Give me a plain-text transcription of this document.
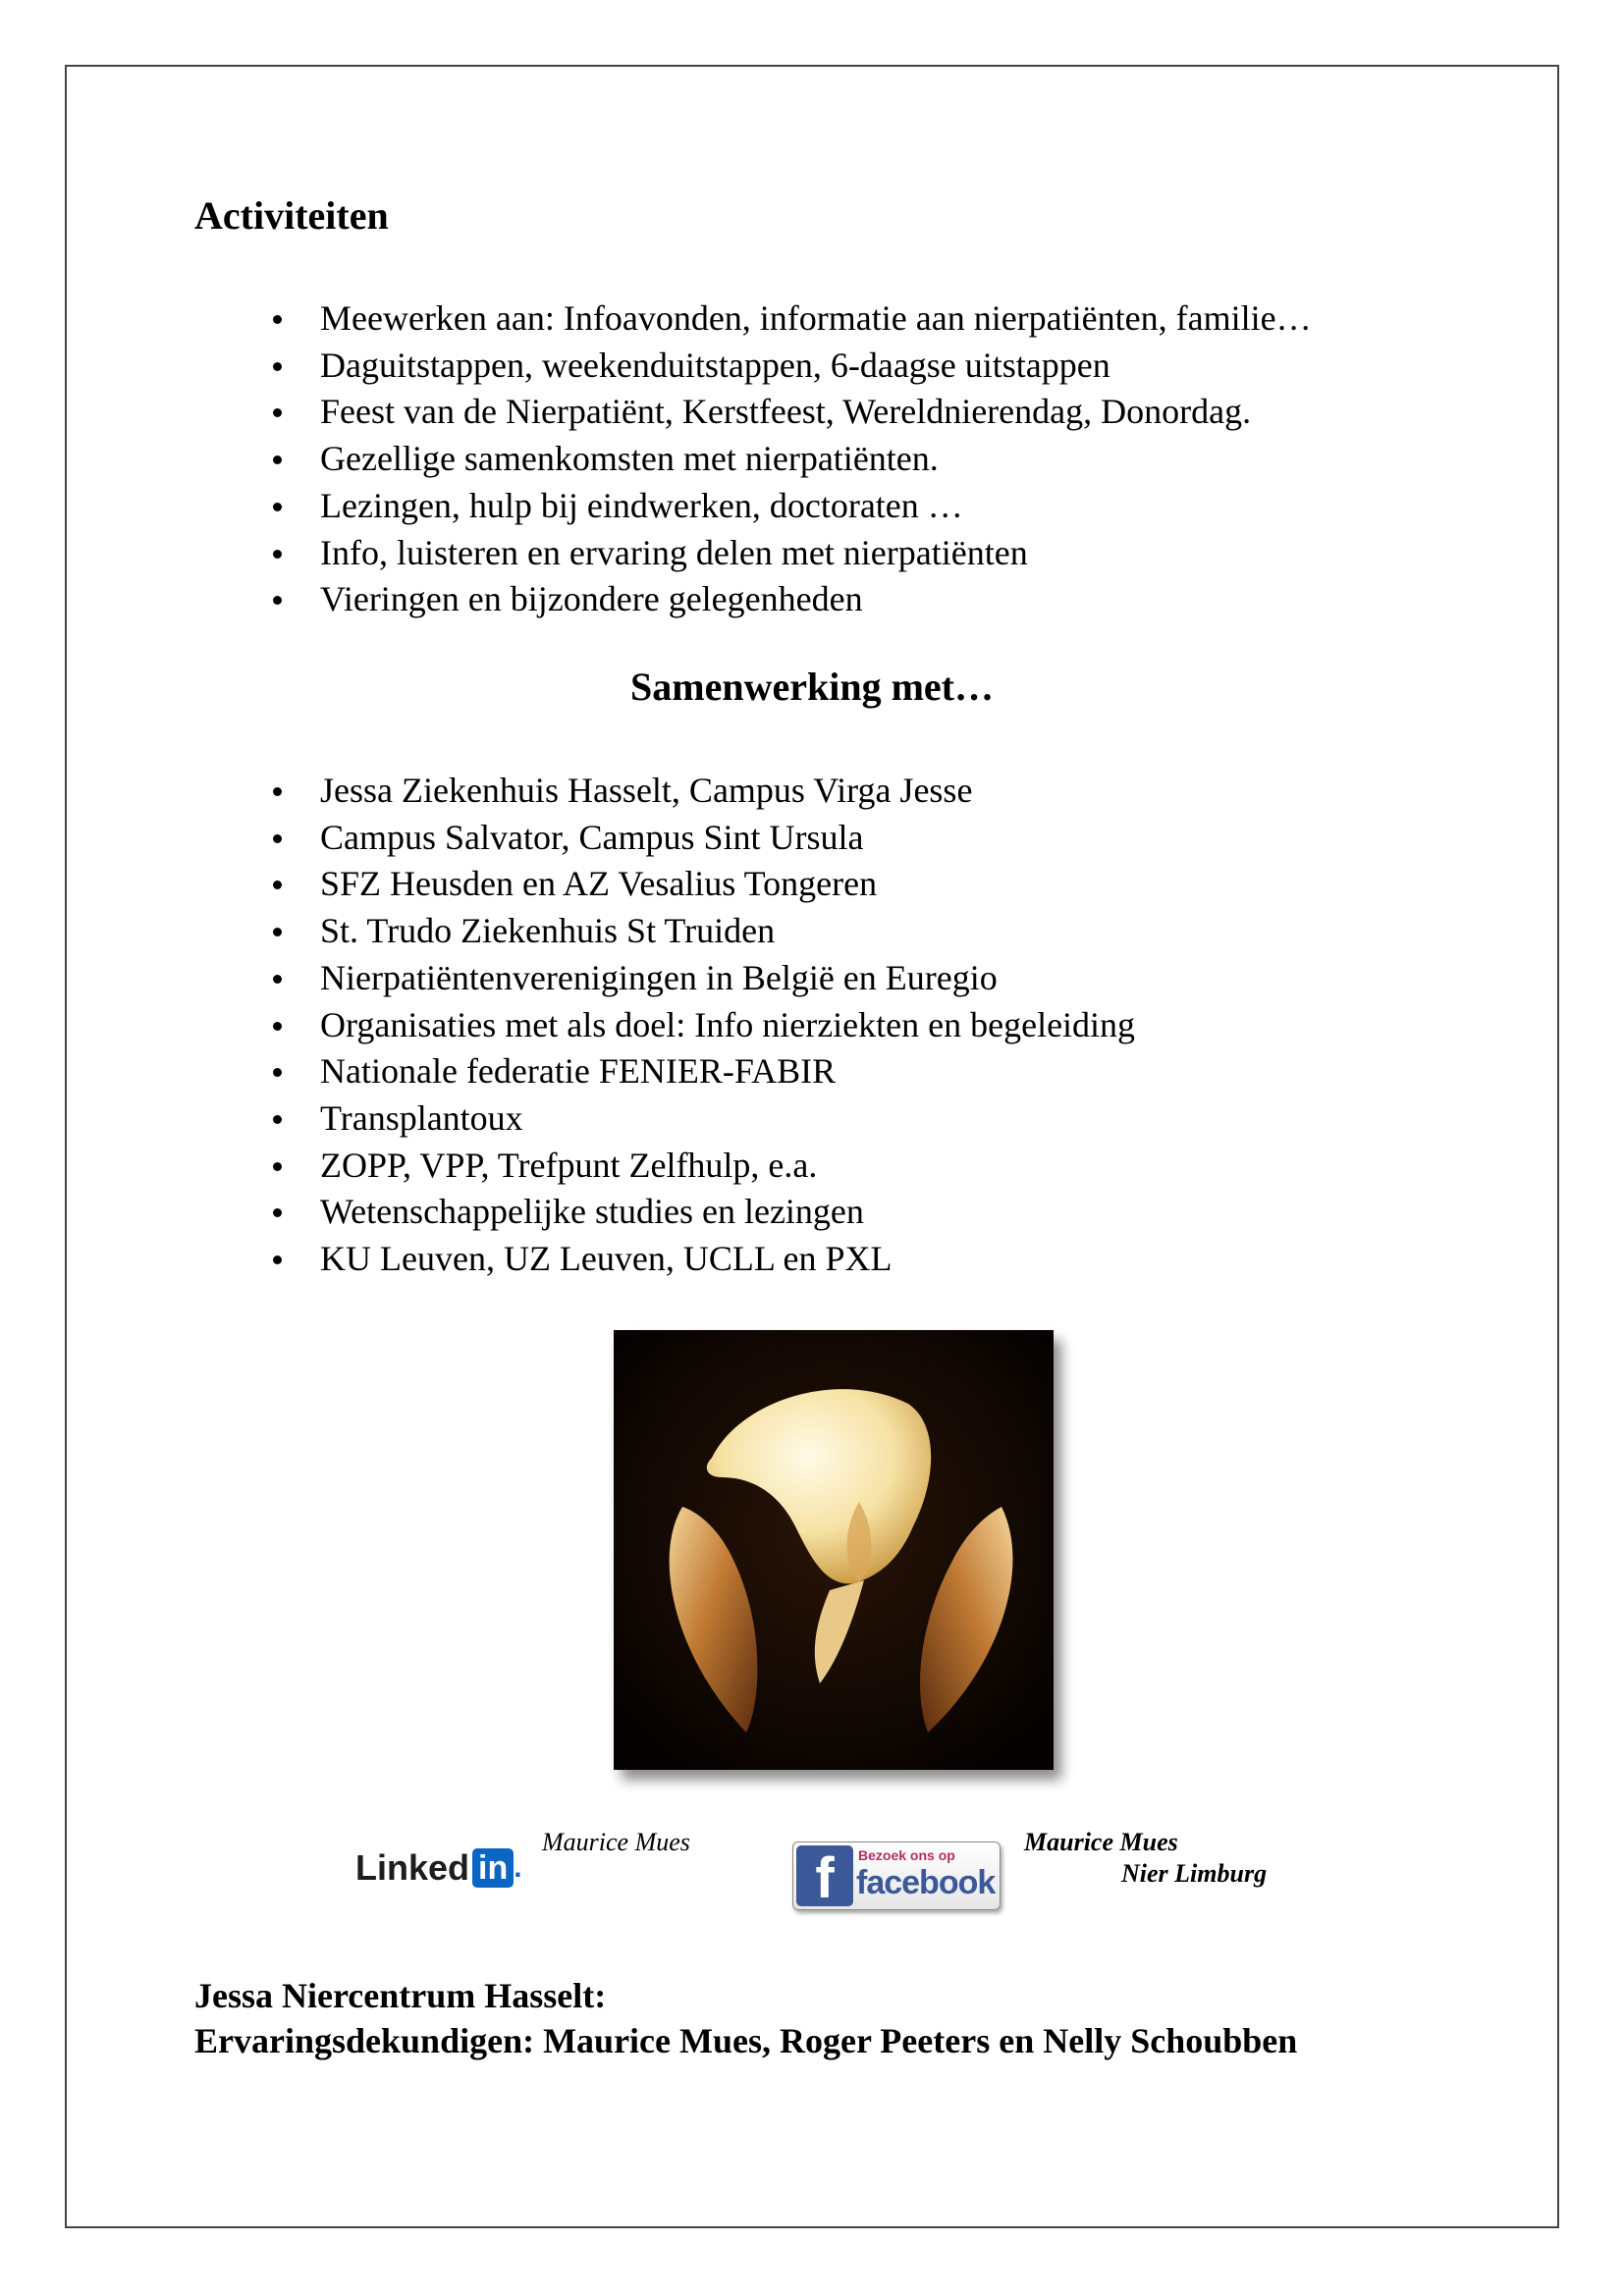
Activiteiten
Meewerken aan: Infoavonden, informatie aan nierpatiënten, familie…
Daguitstappen, weekenduitstappen, 6-daagse uitstappen
Feest van de Nierpatiënt, Kerstfeest, Wereldnierendag, Donordag.
Gezellige samenkomsten met nierpatiënten.
Lezingen, hulp bij eindwerken, doctoraten …
Info, luisteren en ervaring delen met nierpatiënten
Vieringen en bijzondere gelegenheden
Samenwerking met…
Jessa Ziekenhuis Hasselt, Campus Virga Jesse
Campus Salvator, Campus Sint Ursula
SFZ Heusden en AZ Vesalius Tongeren
St. Trudo Ziekenhuis St Truiden
Nierpatiëntenverenigingen in België en Euregio
Organisaties met als doel: Info nierziekten en begeleiding
Nationale federatie FENIER-FABIR
Transplantoux
ZOPP, VPP, Trefpunt Zelfhulp, e.a.
Wetenschappelijke studies en lezingen
KU Leuven, UZ Leuven, UCLL en PXL
Linked in .
Maurice Mues
f	Bezoek ons op
facebook
Maurice Mues
Nier Limburg
Jessa Niercentrum Hasselt:
Ervaringsdekundigen: Maurice Mues, Roger Peeters en Nelly Schoubben
